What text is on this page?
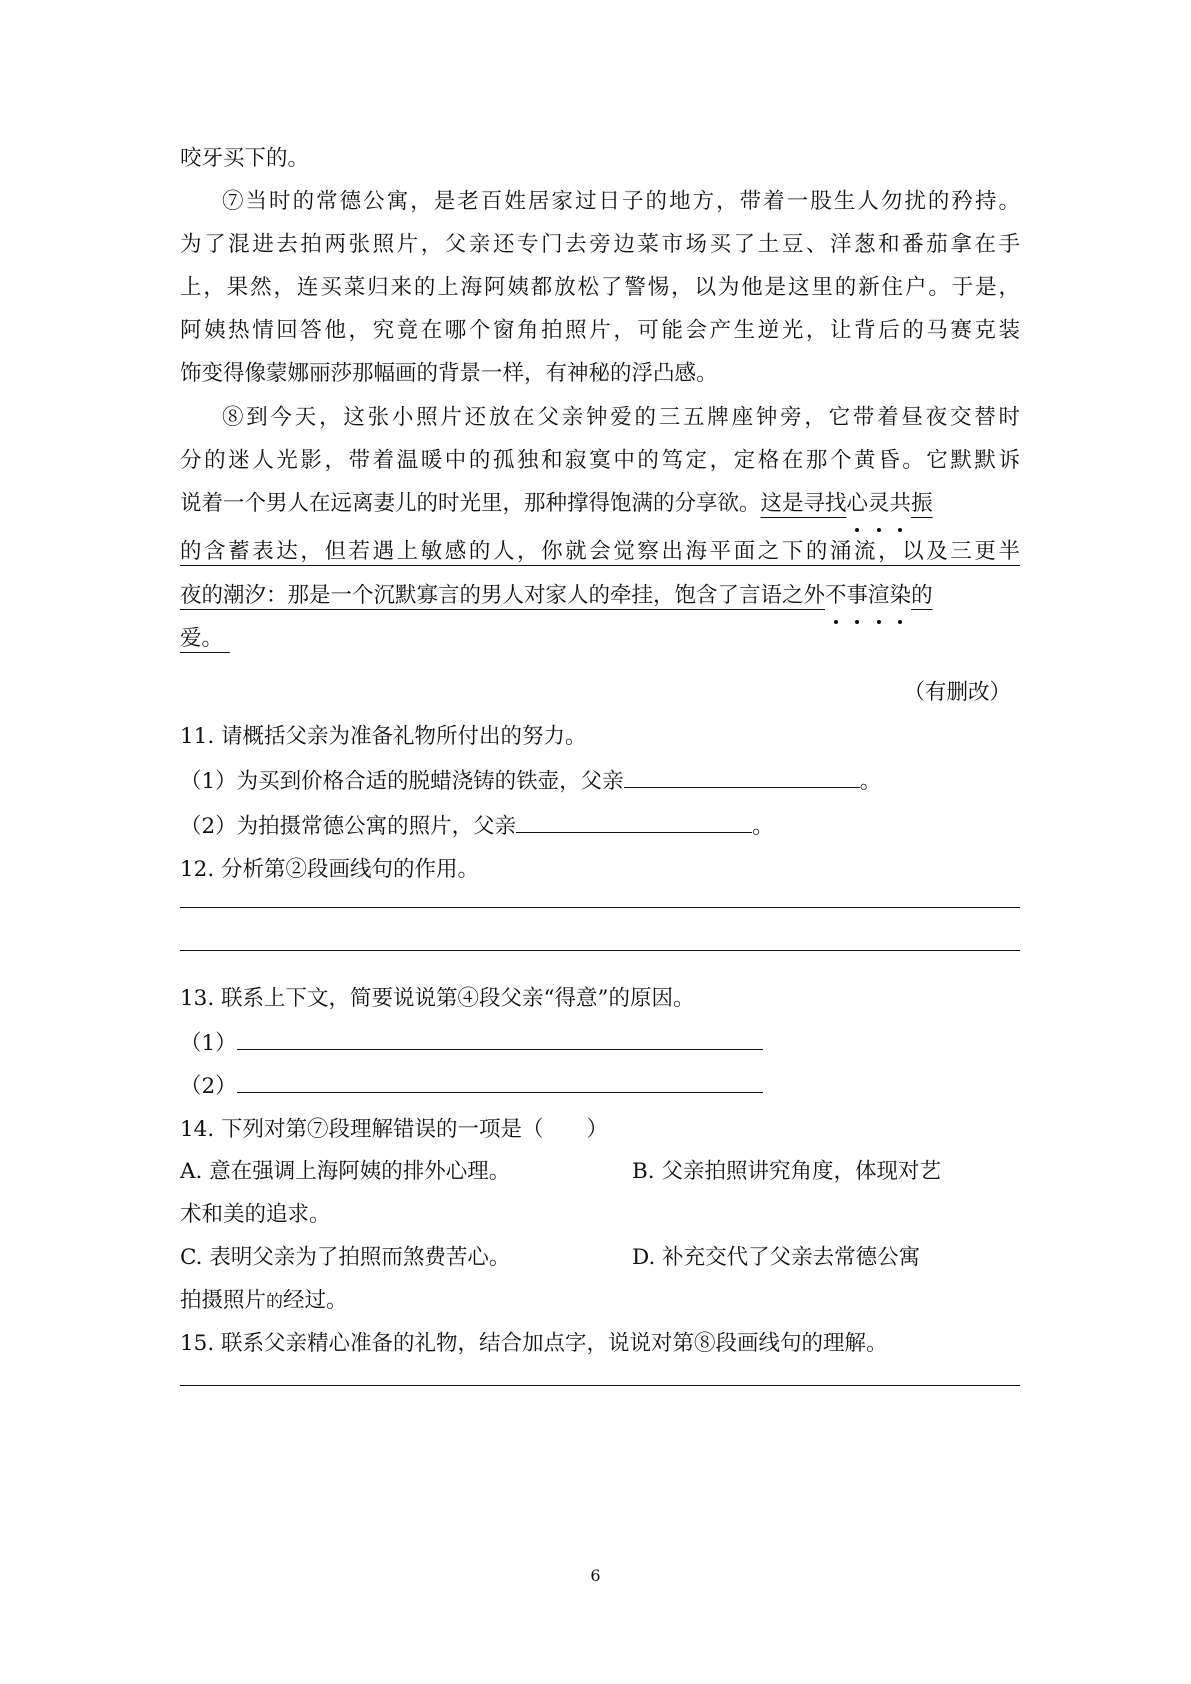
咬牙买下的。
⑦当时的常德公寓，是老百姓居家过日子的地方，带着一股生人勿扰的矜持。
为了混进去拍两张照片，父亲还专门去旁边菜市场买了土豆、洋葱和番茄拿在手
上，果然，连买菜归来的上海阿姨都放松了警惕，以为他是这里的新住户。于是，
阿姨热情回答他，究竟在哪个窗角拍照片，可能会产生逆光，让背后的马赛克装
饰变得像蒙娜丽莎那幅画的背景一样，有神秘的浮凸感。
⑧到今天，这张小照片还放在父亲钟爱的三五牌座钟旁，它带着昼夜交替时
分的迷人光影，带着温暖中的孤独和寂寞中的笃定，定格在那个黄昏。它默默诉
说着一个男人在远离妻儿的时光里，那种撑得饱满的分享欲。这是寻找心灵共振
的含蓄表达，但若遇上敏感的人，你就会觉察出海平面之下的涌流，以及三更半
夜的潮汐：那是一个沉默寡言的男人对家人的牵挂，饱含了言语之外不事渲染的
爱。
（有删改）
11. 请概括父亲为准备礼物所付出的努力。
（1）为买到价格合适的脱蜡浇铸的铁壶，父亲	。
（2）为拍摄常德公寓的照片，父亲	。
12. 分析第②段画线句的作用。
13. 联系上下文，简要说说第④段父亲“得意”的原因。
（1）
（2）
14. 下列对第⑦段理解错误的一项是（　　）
A. 意在强调上海阿姨的排外心理。	B. 父亲拍照讲究角度，体现对艺
术和美的追求。
C. 表明父亲为了拍照而煞费苦心。	D. 补充交代了父亲去常德公寓
拍摄照片的经过。
15. 联系父亲精心准备的礼物，结合加点字，说说对第⑧段画线句的理解。
6
